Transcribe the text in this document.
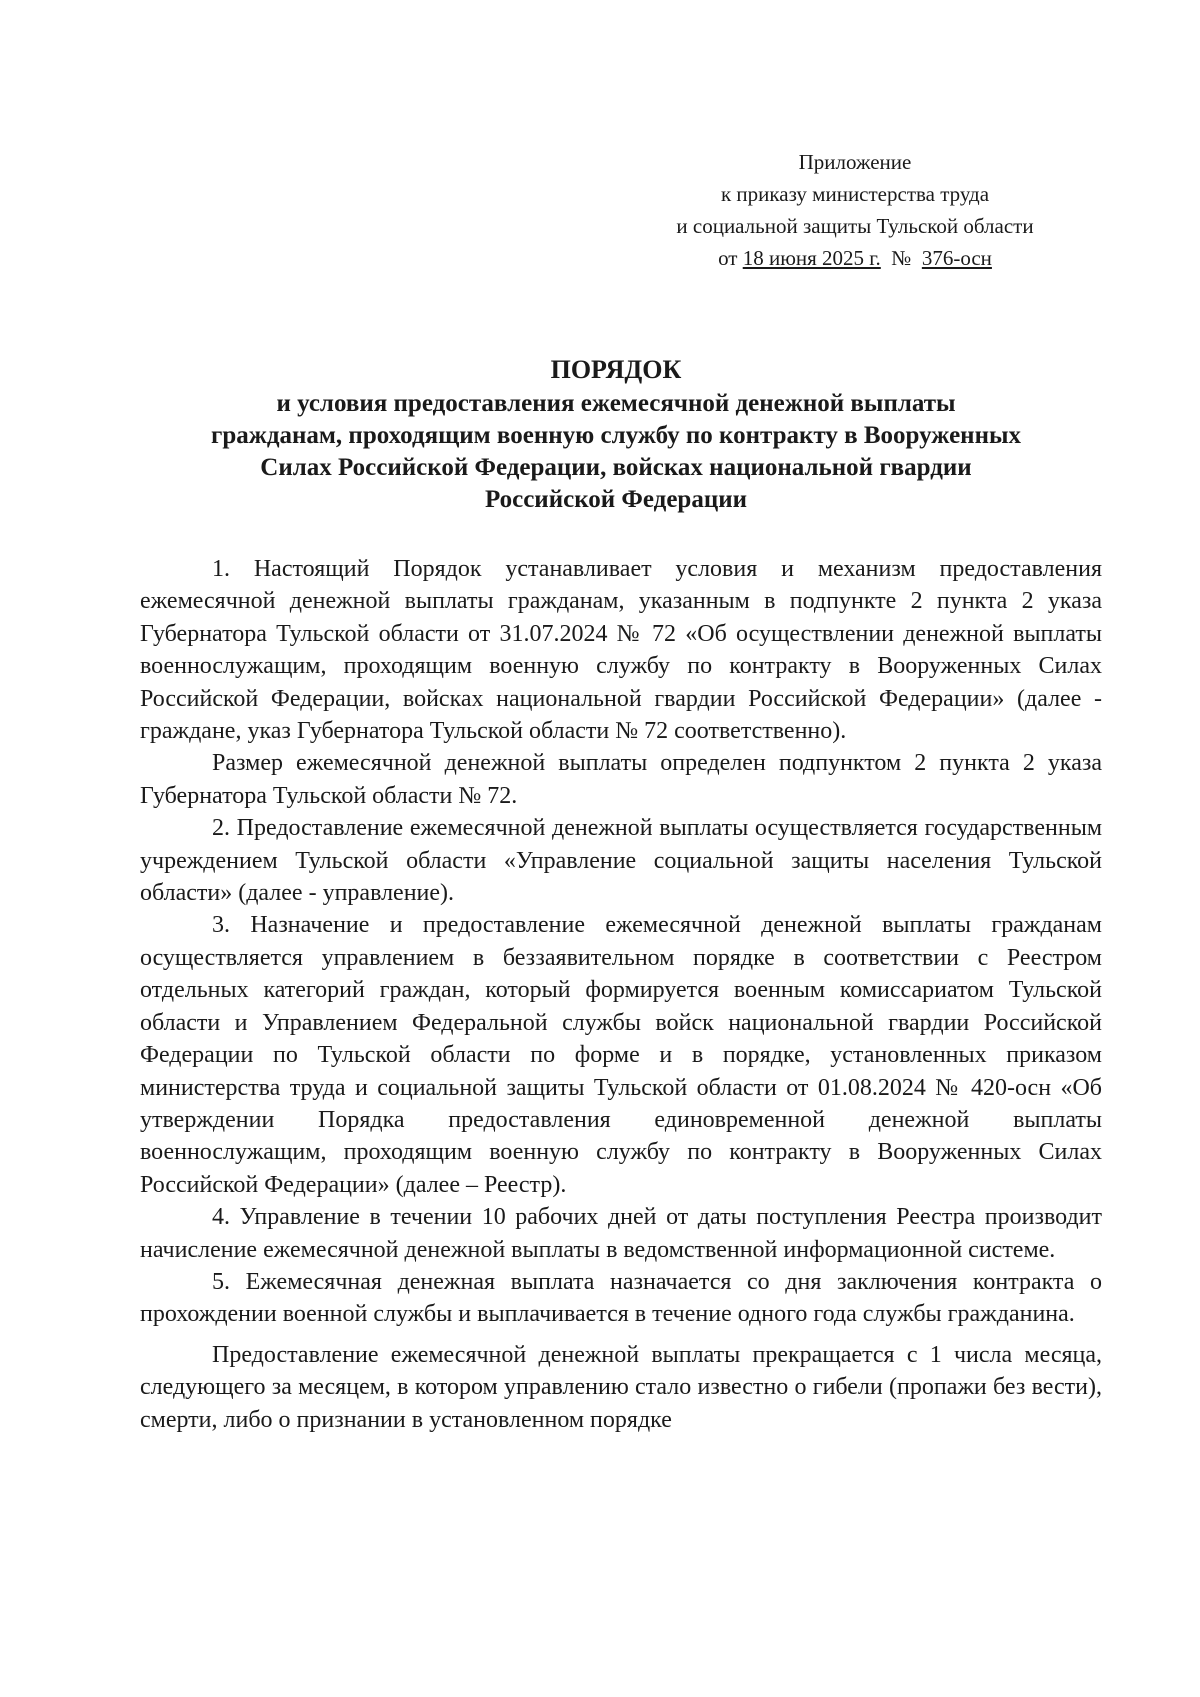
Приложение
к приказу министерства труда
и социальной защиты Тульской области
от 18 июня 2025 г. № 376-осн
ПОРЯДОК
и условия предоставления ежемесячной денежной выплаты
гражданам, проходящим военную службу по контракту в Вооруженных
Силах Российской Федерации, войсках национальной гвардии
Российской Федерации

1. Настоящий Порядок устанавливает условия и механизм предоставления ежемесячной денежной выплаты гражданам, указанным в подпункте 2 пункта 2 указа Губернатора Тульской области от 31.07.2024 № 72 «Об осуществлении денежной выплаты военнослужащим, проходящим военную службу по контракту в Вооруженных Силах Российской Федерации, войсках национальной гвардии Российской Федерации» (далее - граждане, указ Губернатора Тульской области № 72 соответственно).

Размер ежемесячной денежной выплаты определен подпунктом 2 пункта 2 указа Губернатора Тульской области № 72.

2. Предоставление ежемесячной денежной выплаты осуществляется государственным учреждением Тульской области «Управление социальной защиты населения Тульской области» (далее - управление).

3. Назначение и предоставление ежемесячной денежной выплаты гражданам осуществляется управлением в беззаявительном порядке в соответствии с Реестром отдельных категорий граждан, который формируется военным комиссариатом Тульской области и Управлением Федеральной службы войск национальной гвардии Российской Федерации по Тульской области по форме и в порядке, установленных приказом министерства труда и социальной защиты Тульской области от 01.08.2024 № 420-осн «Об утверждении Порядка предоставления единовременной денежной выплаты военнослужащим, проходящим военную службу по контракту в Вооруженных Силах Российской Федерации» (далее – Реестр).

4. Управление в течении 10 рабочих дней от даты поступления Реестра производит начисление ежемесячной денежной выплаты в ведомственной информационной системе.

5. Ежемесячная денежная выплата назначается со дня заключения контракта о прохождении военной службы и выплачивается в течение одного года службы гражданина.

Предоставление ежемесячной денежной выплаты прекращается с 1 числа месяца, следующего за месяцем, в котором управлению стало известно о гибели (пропажи без вести), смерти, либо о признании в установленном порядке
